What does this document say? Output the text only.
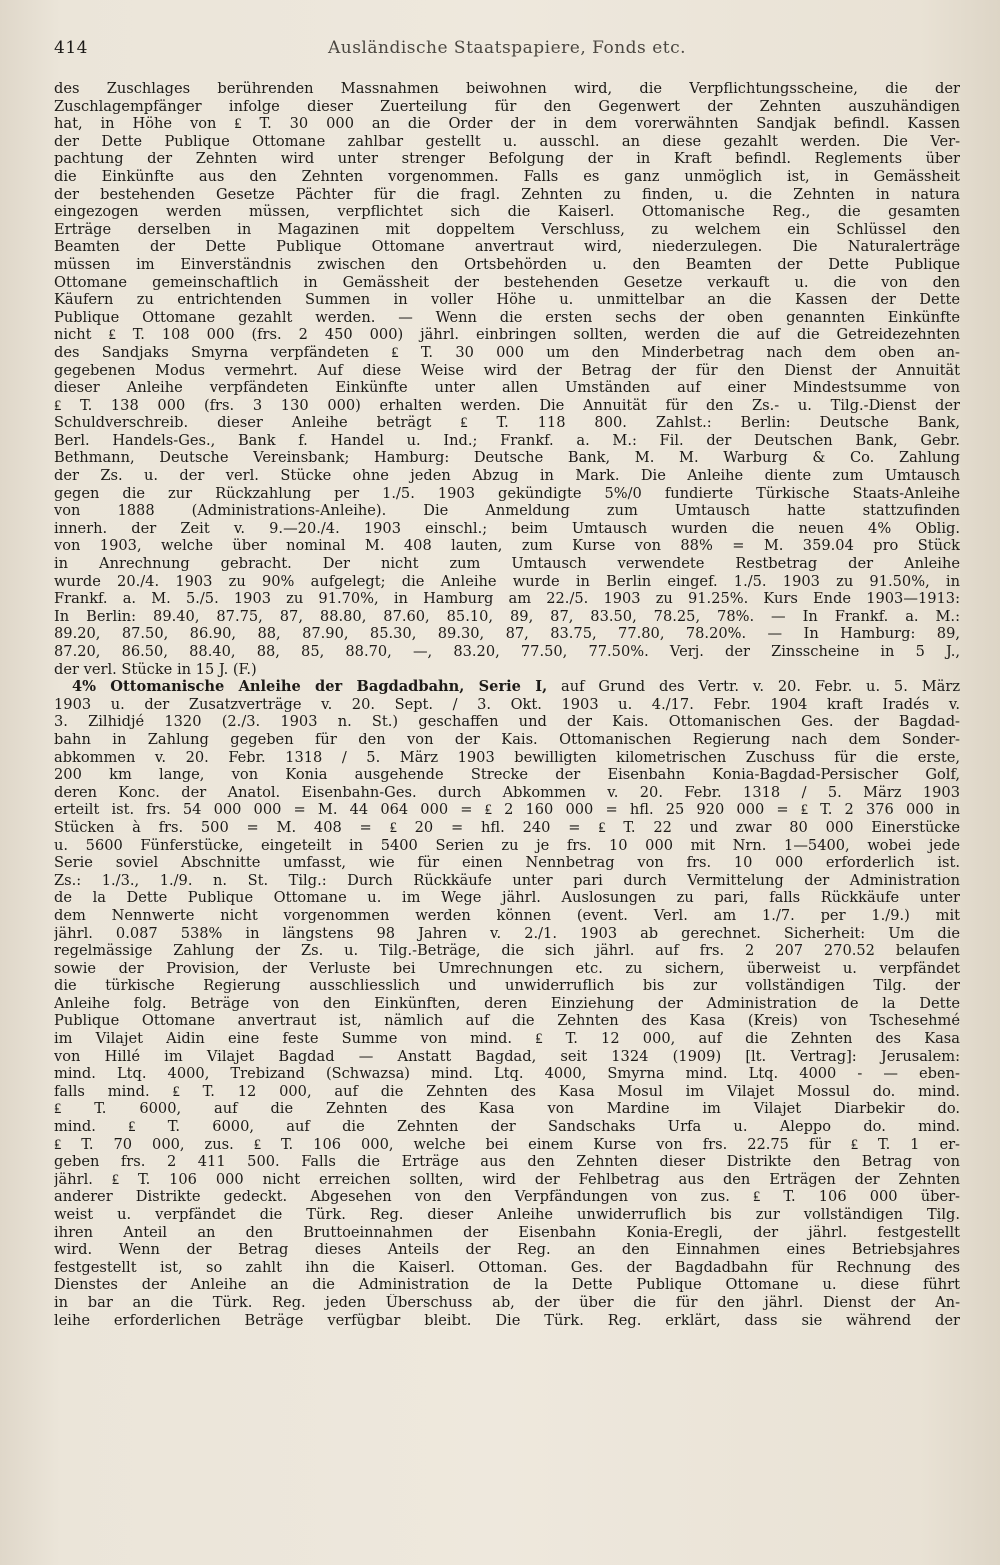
414	Ausländische Staatspapiere, Fonds etc.
des Zuschlages berührenden Massnahmen beiwohnen wird, die Verpflichtungsscheine, die der
Zuschlagempfänger infolge dieser Zuerteilung für den Gegenwert der Zehnten auszuhändigen
hat, in Höhe von ₤ T. 30 000 an die Order der in dem vorerwähnten Sandjak befindl. Kassen
der Dette Publique Ottomane zahlbar gestellt u. ausschl. an diese gezahlt werden. Die Ver-
pachtung der Zehnten wird unter strenger Befolgung der in Kraft befindl. Reglements über
die Einkünfte aus den Zehnten vorgenommen. Falls es ganz unmöglich ist, in Gemässheit
der bestehenden Gesetze Pächter für die fragl. Zehnten zu finden, u. die Zehnten in natura
eingezogen werden müssen, verpflichtet sich die Kaiserl. Ottomanische Reg., die gesamten
Erträge derselben in Magazinen mit doppeltem Verschluss, zu welchem ein Schlüssel den
Beamten der Dette Publique Ottomane anvertraut wird, niederzulegen. Die Naturalerträge
müssen im Einverständnis zwischen den Ortsbehörden u. den Beamten der Dette Publique
Ottomane gemeinschaftlich in Gemässheit der bestehenden Gesetze verkauft u. die von den
Käufern zu entrichtenden Summen in voller Höhe u. unmittelbar an die Kassen der Dette
Publique Ottomane gezahlt werden. — Wenn die ersten sechs der oben genannten Einkünfte
nicht ₤ T. 108 000 (frs. 2 450 000) jährl. einbringen sollten, werden die auf die Getreidezehnten
des Sandjaks Smyrna verpfändeten ₤ T. 30 000 um den Minderbetrag nach dem oben an-
gegebenen Modus vermehrt. Auf diese Weise wird der Betrag der für den Dienst der Annuität
dieser Anleihe verpfändeten Einkünfte unter allen Umständen auf einer Mindestsumme von
₤ T. 138 000 (frs. 3 130 000) erhalten werden. Die Annuität für den Zs.- u. Tilg.-Dienst der
Schuldverschreib. dieser Anleihe beträgt ₤ T. 118 800. Zahlst.: Berlin: Deutsche Bank,
Berl. Handels-Ges., Bank f. Handel u. Ind.; Frankf. a. M.: Fil. der Deutschen Bank, Gebr.
Bethmann, Deutsche Vereinsbank; Hamburg: Deutsche Bank, M. M. Warburg & Co. Zahlung
der Zs. u. der verl. Stücke ohne jeden Abzug in Mark. Die Anleihe diente zum Umtausch
gegen die zur Rückzahlung per 1./5. 1903 gekündigte 5%/0 fundierte Türkische Staats-Anleihe
von 1888 (Administrations-Anleihe). Die Anmeldung zum Umtausch hatte stattzufinden
innerh. der Zeit v. 9.—20./4. 1903 einschl.; beim Umtausch wurden die neuen 4% Oblig.
von 1903, welche über nominal M. 408 lauten, zum Kurse von 88% = M. 359.04 pro Stück
in Anrechnung gebracht. Der nicht zum Umtausch verwendete Restbetrag der Anleihe
wurde 20./4. 1903 zu 90% aufgelegt; die Anleihe wurde in Berlin eingef. 1./5. 1903 zu 91.50%, in
Frankf. a. M. 5./5. 1903 zu 91.70%, in Hamburg am 22./5. 1903 zu 91.25%. Kurs Ende 1903—1913:
In Berlin: 89.40, 87.75, 87, 88.80, 87.60, 85.10, 89, 87, 83.50, 78.25, 78%. — In Frankf. a. M.:
89.20, 87.50, 86.90, 88, 87.90, 85.30, 89.30, 87, 83.75, 77.80, 78.20%. — In Hamburg: 89,
87.20, 86.50, 88.40, 88, 85, 88.70, —, 83.20, 77.50, 77.50%. Verj. der Zinsscheine in 5 J.,
der verl. Stücke in 15 J. (F.)
4% Ottomanische Anleihe der Bagdadbahn, Serie I, auf Grund des Vertr. v. 20. Febr. u. 5. März
1903 u. der Zusatzverträge v. 20. Sept. / 3. Okt. 1903 u. 4./17. Febr. 1904 kraft Iradés v.
3. Zilhidjé 1320 (2./3. 1903 n. St.) geschaffen und der Kais. Ottomanischen Ges. der Bagdad-
bahn in Zahlung gegeben für den von der Kais. Ottomanischen Regierung nach dem Sonder-
abkommen v. 20. Febr. 1318 / 5. März 1903 bewilligten kilometrischen Zuschuss für die erste,
200 km lange, von Konia ausgehende Strecke der Eisenbahn Konia-Bagdad-Persischer Golf,
deren Konc. der Anatol. Eisenbahn-Ges. durch Abkommen v. 20. Febr. 1318 / 5. März 1903
erteilt ist. frs. 54 000 000 = M. 44 064 000 = ₤ 2 160 000 = hfl. 25 920 000 = ₤ T. 2 376 000 in
Stücken à frs. 500 = M. 408 = ₤ 20 = hfl. 240 = ₤ T. 22 und zwar 80 000 Einerstücke
u. 5600 Fünferstücke, eingeteilt in 5400 Serien zu je frs. 10 000 mit Nrn. 1—5400, wobei jede
Serie soviel Abschnitte umfasst, wie für einen Nennbetrag von frs. 10 000 erforderlich ist.
Zs.: 1./3., 1./9. n. St. Tilg.: Durch Rückkäufe unter pari durch Vermittelung der Administration
de la Dette Publique Ottomane u. im Wege jährl. Auslosungen zu pari, falls Rückkäufe unter
dem Nennwerte nicht vorgenommen werden können (event. Verl. am 1./7. per 1./9.) mit
jährl. 0.087 538% in längstens 98 Jahren v. 2./1. 1903 ab gerechnet. Sicherheit: Um die
regelmässige Zahlung der Zs. u. Tilg.-Beträge, die sich jährl. auf frs. 2 207 270.52 belaufen
sowie der Provision, der Verluste bei Umrechnungen etc. zu sichern, überweist u. verpfändet
die türkische Regierung ausschliesslich und unwiderruflich bis zur vollständigen Tilg. der
Anleihe folg. Beträge von den Einkünften, deren Einziehung der Administration de la Dette
Publique Ottomane anvertraut ist, nämlich auf die Zehnten des Kasa (Kreis) von Tschesehmé
im Vilajet Aidin eine feste Summe von mind. ₤ T. 12 000, auf die Zehnten des Kasa
von Hillé im Vilajet Bagdad — Anstatt Bagdad, seit 1324 (1909) [lt. Vertrag]: Jerusalem:
mind. Ltq. 4000, Trebizand (Schwazsa) mind. Ltq. 4000, Smyrna mind. Ltq. 4000 - — eben-
falls mind. ₤ T. 12 000, auf die Zehnten des Kasa Mosul im Vilajet Mossul do. mind.
₤ T. 6000, auf die Zehnten des Kasa von Mardine im Vilajet Diarbekir do.
mind. ₤ T. 6000, auf die Zehnten der Sandschaks Urfa u. Aleppo do. mind.
₤ T. 70 000, zus. ₤ T. 106 000, welche bei einem Kurse von frs. 22.75 für ₤ T. 1 er-
geben frs. 2 411 500. Falls die Erträge aus den Zehnten dieser Distrikte den Betrag von
jährl. ₤ T. 106 000 nicht erreichen sollten, wird der Fehlbetrag aus den Erträgen der Zehnten
anderer Distrikte gedeckt. Abgesehen von den Verpfändungen von zus. ₤ T. 106 000 über-
weist u. verpfändet die Türk. Reg. dieser Anleihe unwiderruflich bis zur vollständigen Tilg.
ihren Anteil an den Bruttoeinnahmen der Eisenbahn Konia-Eregli, der jährl. festgestellt
wird. Wenn der Betrag dieses Anteils der Reg. an den Einnahmen eines Betriebsjahres
festgestellt ist, so zahlt ihn die Kaiserl. Ottoman. Ges. der Bagdadbahn für Rechnung des
Dienstes der Anleihe an die Administration de la Dette Publique Ottomane u. diese führt
in bar an die Türk. Reg. jeden Überschuss ab, der über die für den jährl. Dienst der An-
leihe erforderlichen Beträge verfügbar bleibt. Die Türk. Reg. erklärt, dass sie während der
